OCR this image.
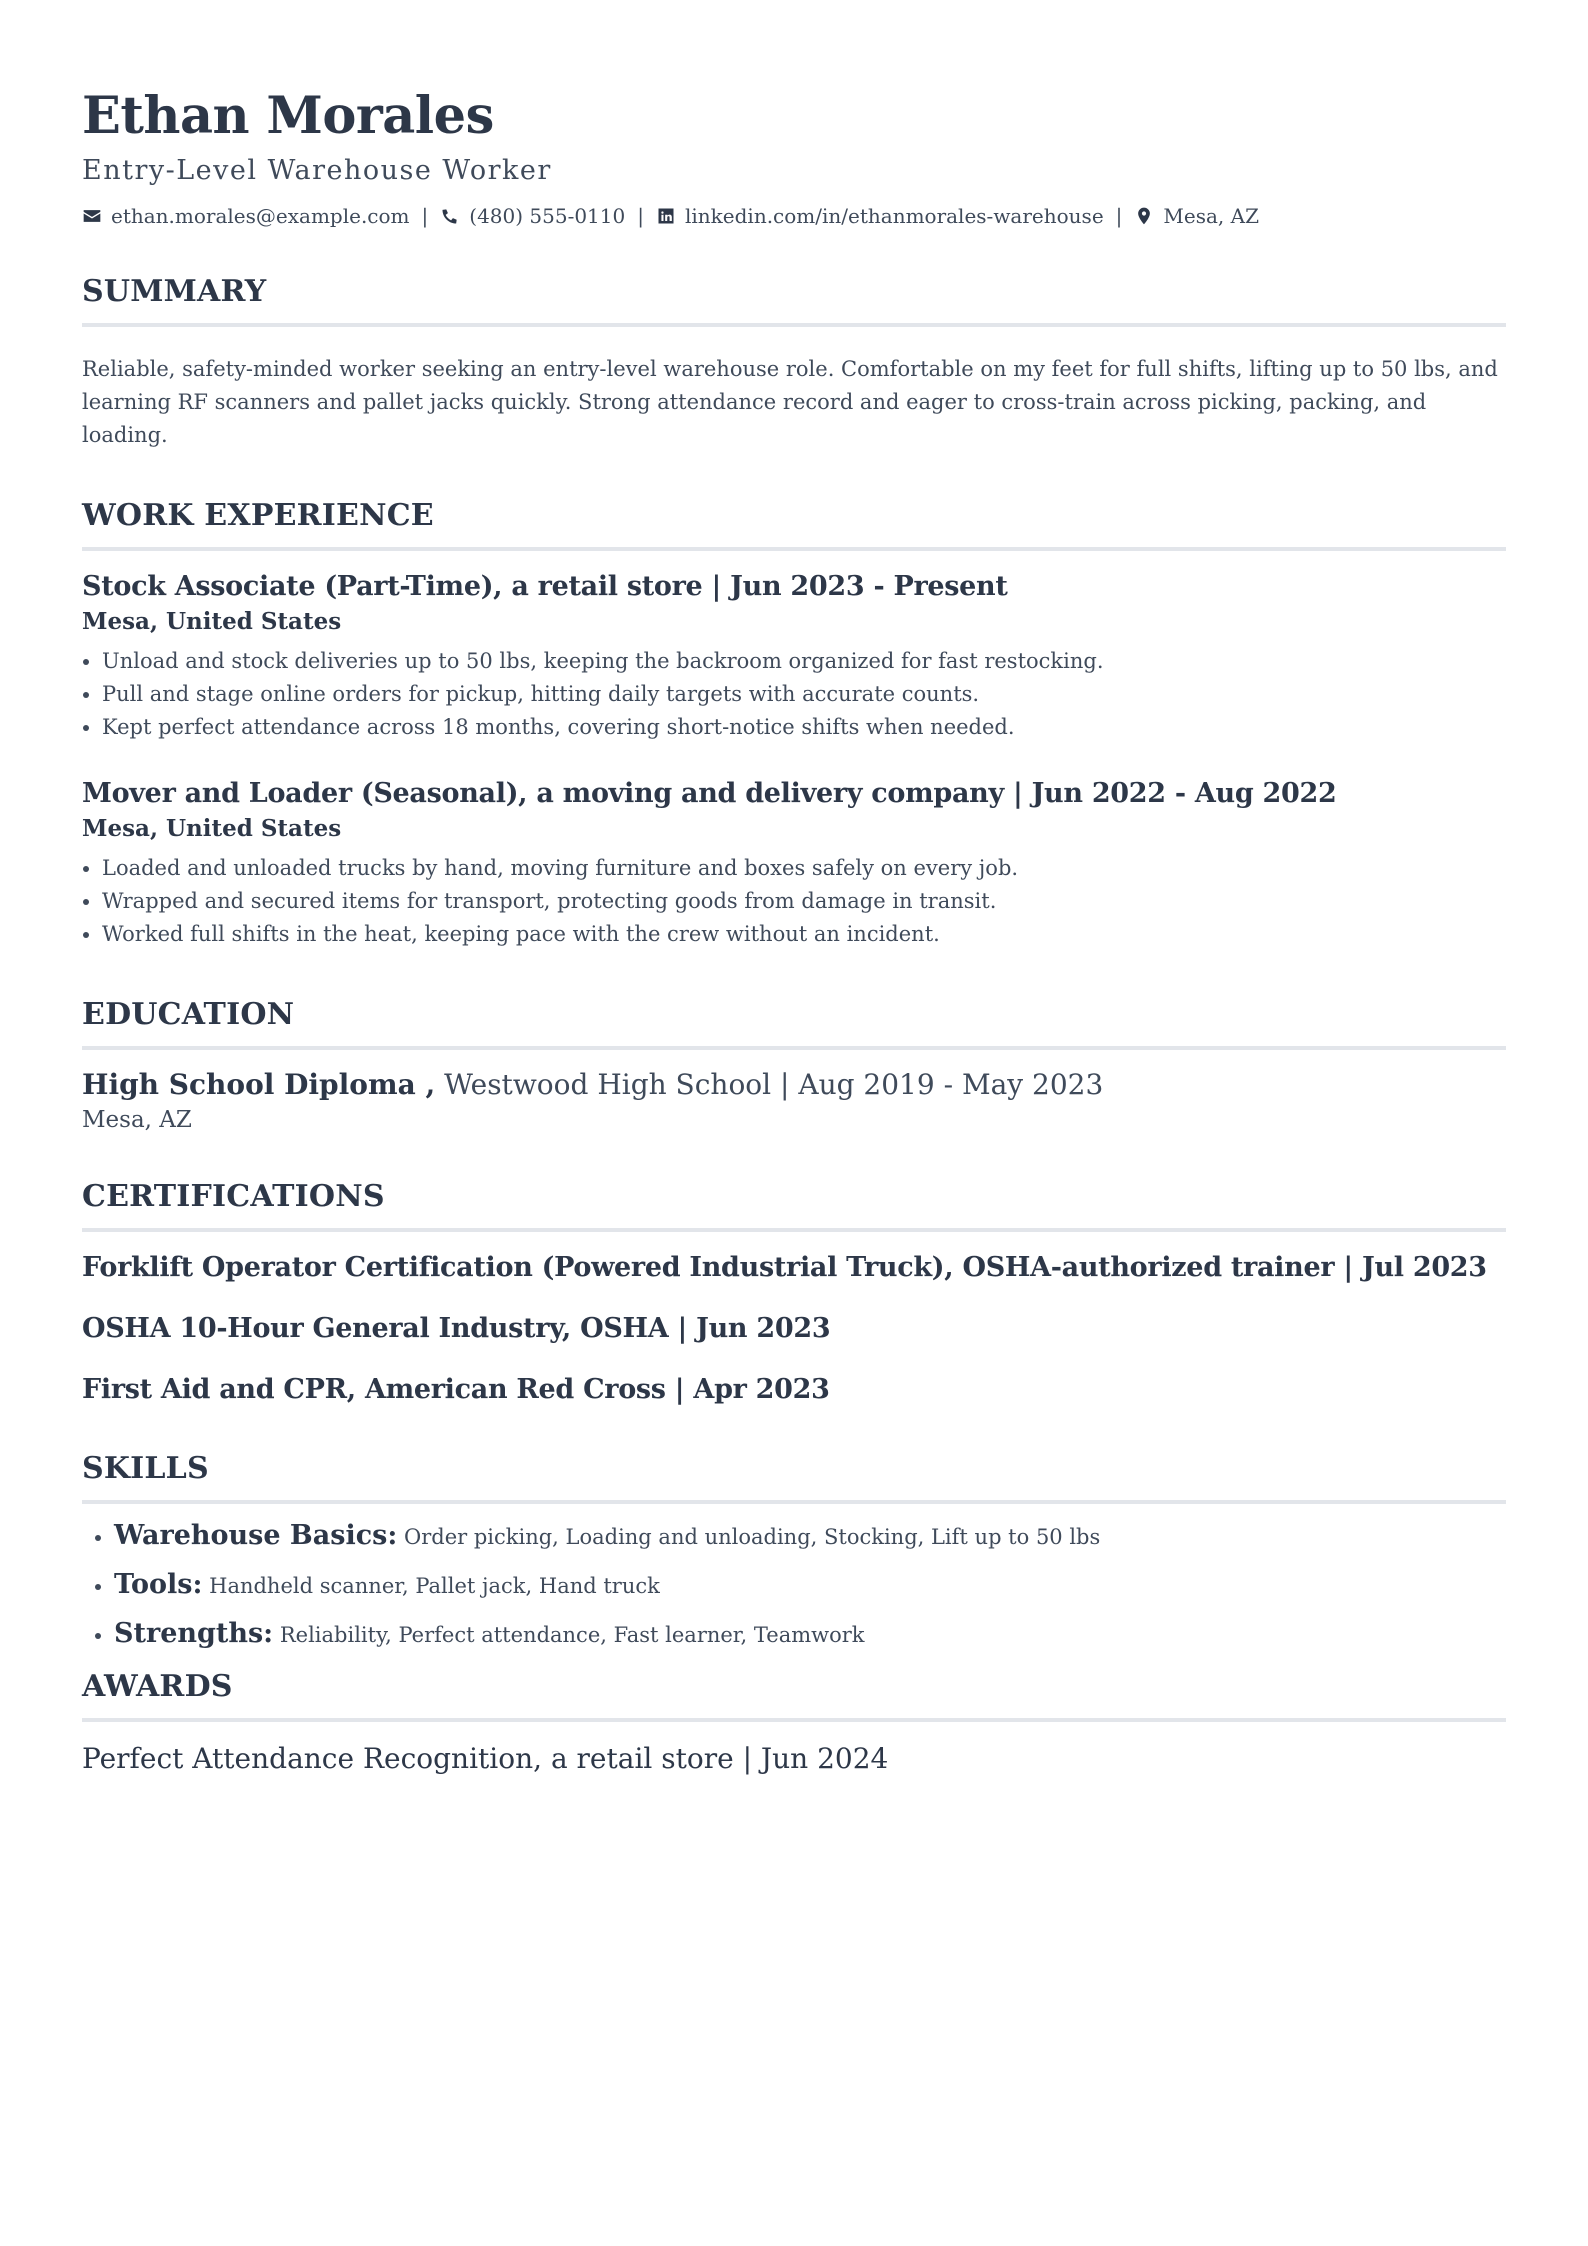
Ethan Morales
Entry-Level Warehouse Worker
ethan.morales@example.com | (480) 555-0110 | linkedin.com/in/ethanmorales-warehouse | Mesa, AZ
SUMMARY
Reliable, safety-minded worker seeking an entry-level warehouse role. Comfortable on my feet for full shifts, lifting up to 50 lbs, and learning RF scanners and pallet jacks quickly. Strong attendance record and eager to cross-train across picking, packing, and loading.
WORK EXPERIENCE
Stock Associate (Part-Time), a retail store | Jun 2023 - Present
Mesa, United States
• Unload and stock deliveries up to 50 lbs, keeping the backroom organized for fast restocking.
• Pull and stage online orders for pickup, hitting daily targets with accurate counts.
• Kept perfect attendance across 18 months, covering short-notice shifts when needed.
Mover and Loader (Seasonal), a moving and delivery company | Jun 2022 - Aug 2022
Mesa, United States
• Loaded and unloaded trucks by hand, moving furniture and boxes safely on every job.
• Wrapped and secured items for transport, protecting goods from damage in transit.
• Worked full shifts in the heat, keeping pace with the crew without an incident.
EDUCATION
High School Diploma , Westwood High School | Aug 2019 - May 2023
Mesa, AZ
CERTIFICATIONS
Forklift Operator Certification (Powered Industrial Truck), OSHA-authorized trainer | Jul 2023
OSHA 10-Hour General Industry, OSHA | Jun 2023
First Aid and CPR, American Red Cross | Apr 2023
SKILLS
• Warehouse Basics: Order picking, Loading and unloading, Stocking, Lift up to 50 lbs
• Tools: Handheld scanner, Pallet jack, Hand truck
• Strengths: Reliability, Perfect attendance, Fast learner, Teamwork
AWARDS
Perfect Attendance Recognition, a retail store | Jun 2024
